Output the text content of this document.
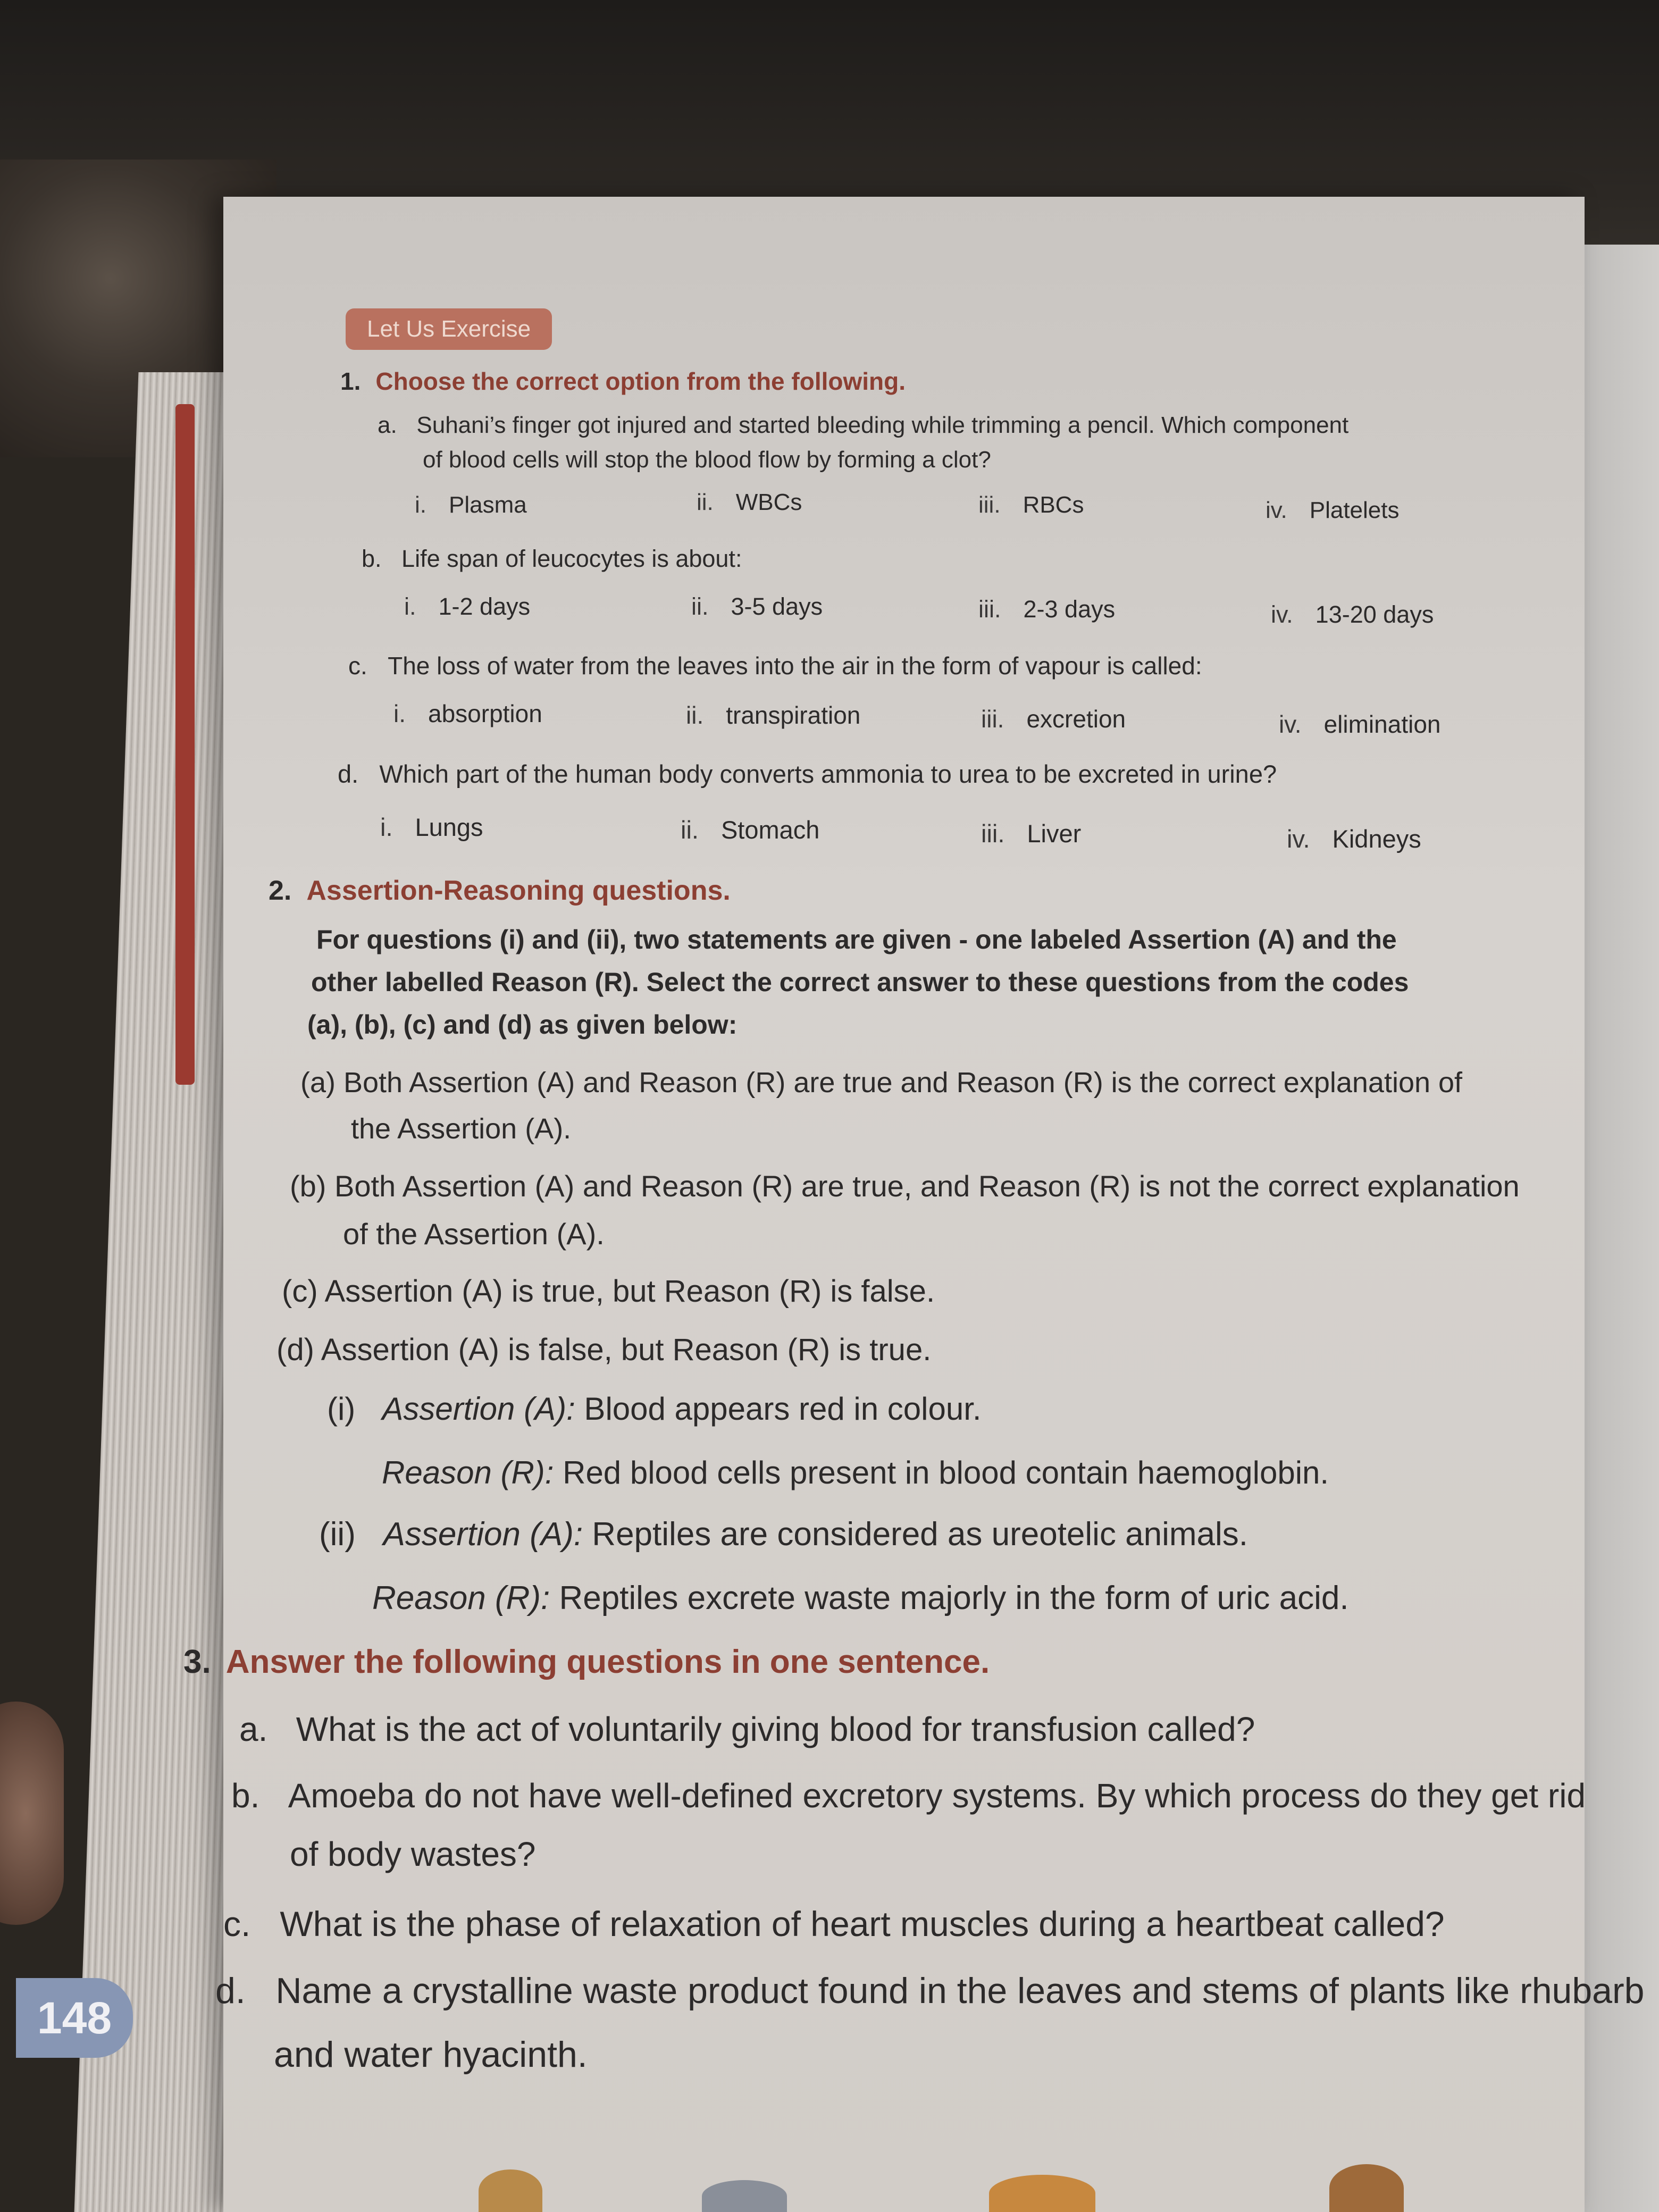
Let Us Exercise
1. Choose the correct option from the following.
a. Suhani’s finger got injured and started bleeding while trimming a pencil. Which component
of blood cells will stop the blood flow by forming a clot?
i. Plasma	ii. WBCs	iii. RBCs	iv. Platelets
b. Life span of leucocytes is about:
i. 1-2 days	ii. 3-5 days	iii. 2-3 days	iv. 13-20 days
c. The loss of water from the leaves into the air in the form of vapour is called:
i. absorption	ii. transpiration	iii. excretion	iv. elimination
d. Which part of the human body converts ammonia to urea to be excreted in urine?
i. Lungs	ii. Stomach	iii. Liver	iv. Kidneys
2. Assertion-Reasoning questions.
For questions (i) and (ii), two statements are given - one labeled Assertion (A) and the
other labelled Reason (R). Select the correct answer to these questions from the codes
(a), (b), (c) and (d) as given below:
(a) Both Assertion (A) and Reason (R) are true and Reason (R) is the correct explanation of
the Assertion (A).
(b) Both Assertion (A) and Reason (R) are true, and Reason (R) is not the correct explanation
of the Assertion (A).
(c) Assertion (A) is true, but Reason (R) is false.
(d) Assertion (A) is false, but Reason (R) is true.
(i) Assertion (A): Blood appears red in colour.
Reason (R): Red blood cells present in blood contain haemoglobin.
(ii) Assertion (A): Reptiles are considered as ureotelic animals.
Reason (R): Reptiles excrete waste majorly in the form of uric acid.
3. Answer the following questions in one sentence.
a. What is the act of voluntarily giving blood for transfusion called?
b. Amoeba do not have well-defined excretory systems. By which process do they get rid
of body wastes?
c. What is the phase of relaxation of heart muscles during a heartbeat called?
d. Name a crystalline waste product found in the leaves and stems of plants like rhubarb
and water hyacinth.
148
